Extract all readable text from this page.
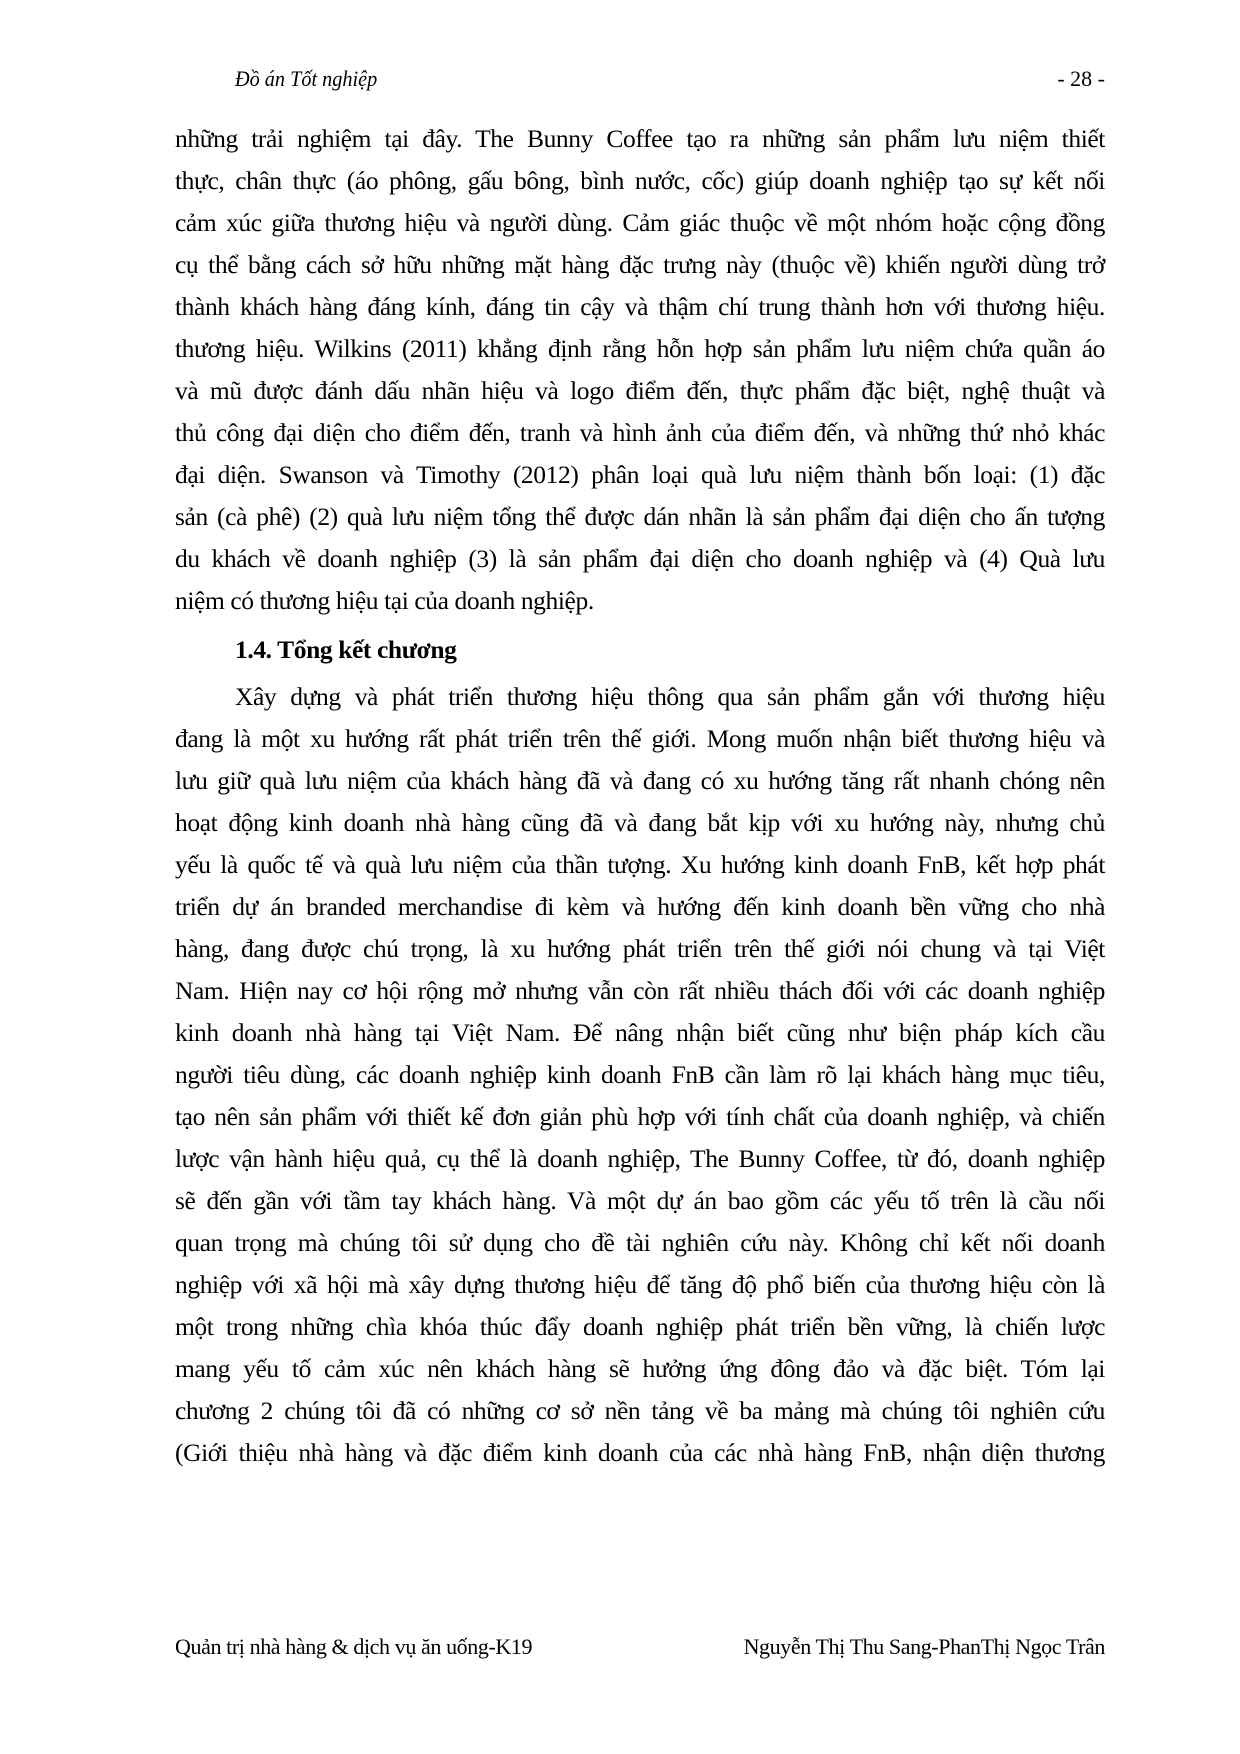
Đồ án Tốt nghiệp	- 28 -
những trải nghiệm tại đây. The Bunny Coffee tạo ra những sản phẩm lưu niệm thiết
thực, chân thực (áo phông, gấu bông, bình nước, cốc) giúp doanh nghiệp tạo sự kết nối
cảm xúc giữa thương hiệu và người dùng. Cảm giác thuộc về một nhóm hoặc cộng đồng
cụ thể bằng cách sở hữu những mặt hàng đặc trưng này (thuộc về) khiến người dùng trở
thành khách hàng đáng kính, đáng tin cậy và thậm chí trung thành hơn với thương hiệu.
thương hiệu. Wilkins (2011) khẳng định rằng hỗn hợp sản phẩm lưu niệm chứa quần áo
và mũ được đánh dấu nhãn hiệu và logo điểm đến, thực phẩm đặc biệt, nghệ thuật và
thủ công đại diện cho điểm đến, tranh và hình ảnh của điểm đến, và những thứ nhỏ khác
đại diện. Swanson và Timothy (2012) phân loại quà lưu niệm thành bốn loại: (1) đặc
sản (cà phê) (2) quà lưu niệm tổng thể được dán nhãn là sản phẩm đại diện cho ấn tượng
du khách về doanh nghiệp (3) là sản phẩm đại diện cho doanh nghiệp và (4) Quà lưu
niệm có thương hiệu tại của doanh nghiệp.
1.4. Tổng kết chương
Xây dựng và phát triển thương hiệu thông qua sản phẩm gắn với thương hiệu
đang là một xu hướng rất phát triển trên thế giới. Mong muốn nhận biết thương hiệu và
lưu giữ quà lưu niệm của khách hàng đã và đang có xu hướng tăng rất nhanh chóng nên
hoạt động kinh doanh nhà hàng cũng đã và đang bắt kịp với xu hướng này, nhưng chủ
yếu là quốc tế và quà lưu niệm của thần tượng. Xu hướng kinh doanh FnB, kết hợp phát
triển dự án branded merchandise đi kèm và hướng đến kinh doanh bền vững cho nhà
hàng, đang được chú trọng, là xu hướng phát triển trên thế giới nói chung và tại Việt
Nam. Hiện nay cơ hội rộng mở nhưng vẫn còn rất nhiều thách đối với các doanh nghiệp
kinh doanh nhà hàng tại Việt Nam. Để nâng nhận biết cũng như biện pháp kích cầu
người tiêu dùng, các doanh nghiệp kinh doanh FnB cần làm rõ lại khách hàng mục tiêu,
tạo nên sản phẩm với thiết kế đơn giản phù hợp với tính chất của doanh nghiệp, và chiến
lược vận hành hiệu quả, cụ thể là doanh nghiệp, The Bunny Coffee, từ đó, doanh nghiệp
sẽ đến gần với tầm tay khách hàng. Và một dự án bao gồm các yếu tố trên là cầu nối
quan trọng mà chúng tôi sử dụng cho đề tài nghiên cứu này. Không chỉ kết nối doanh
nghiệp với xã hội mà xây dựng thương hiệu để tăng độ phổ biến của thương hiệu còn là
một trong những chìa khóa thúc đẩy doanh nghiệp phát triển bền vững, là chiến lược
mang yếu tố cảm xúc nên khách hàng sẽ hưởng ứng đông đảo và đặc biệt. Tóm lại
chương 2 chúng tôi đã có những cơ sở nền tảng về ba mảng mà chúng tôi nghiên cứu
(Giới thiệu nhà hàng và đặc điểm kinh doanh của các nhà hàng FnB, nhận diện thương
Quản trị nhà hàng & dịch vụ ăn uống-K19	Nguyễn Thị Thu Sang-PhanThị Ngọc Trân
